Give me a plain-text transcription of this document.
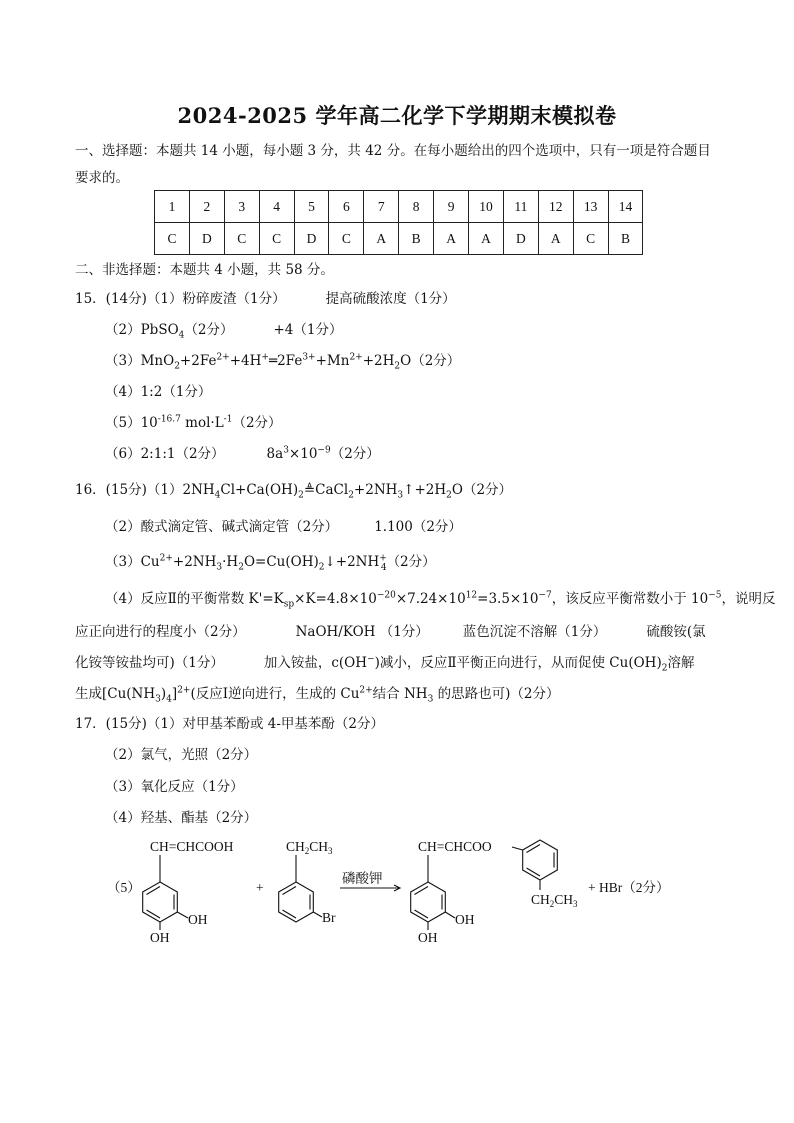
2024-2025 学年高二化学下学期期末模拟卷
一、选择题：本题共 14 小题，每小题 3 分，共 42 分。在每小题给出的四个选项中，只有一项是符合题目
要求的。
1	2	3	4	5	6	7	8	9	10	11	12	13	14
C	D	C	C	D	C	A	B	A	A	D	A	C	B
二、非选择题：本题共 4 小题，共 58 分。
15．(14分)（1）粉碎废渣（1分）	提高硫酸浓度（1分）
（2）PbSO$_4$（2分）	+4（1分）
$(3)MnO_2+2Fe^{2+}+4H^+═2Fe^{3+}+Mn^{2+}+2H_2O(2$分）
（4）1:2（1分）
$(5)10^{-16.7}$ $mol\cdot L^{-1}(2$分）
（6）2:1:1（2分）	$8a^3\times 10^{-9}(2$分）
16．(15分)$(1)2NH_4Cl+Ca(OH)_2≜CaCl_2+2NH_3↑+2H_2O(2$分）
（2）酸式滴定管、碱式滴定管（2分）	1.100（2分）
$(3)Cu^{2+}+2NH_3\cdot H_2O=Cu(OH)_2↓+2NH^+_4(2$分）
（4）反应Ⅱ的平衡常数 $K'=K_{sp}\times K=4.8\times 10^{-20}\times 7.24\times 10^{12}=3.5\times 10^{-7}$，该反应平衡常数小于 $10^{-5}$，说明反
应正向进行的程度小（2分）	NaOH/KOH （1分）	蓝色沉淀不溶解（1分）	硫酸铵(氯
化铵等铵盐均可)（1分）	加入铵盐，c(OH−)减小，反应Ⅱ平衡正向进行，从而促使 $Cu(OH)_2$溶解
生成$[Cu(NH_3)_4]^{2+}$(反应Ⅰ逆向进行，生成的 $Cu^{2+}$结合 $NH_3$ 的思路也可)（2分）
17．(15分)（1）对甲基苯酚或 4-甲基苯酚（2分）
（2）氯气，光照（2分）
（3）氧化反应（1分）
（4）羟基、酯基（2分）
（5）
CH=CHCOOH
OH
OH
+
$CH_2CH_3$
Br
磷酸钾
CH=CHCOO
OH
OH
$CH_2CH_3$
+ HBr（2分）
